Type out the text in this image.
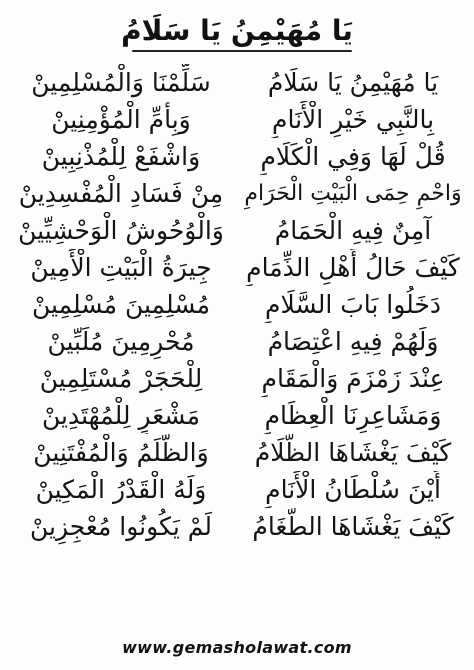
يَا مُهَيْمِنُ يَا سَلَامُ
يَا مُهَيْمِنُ يَا سَلَامُ
سَلِّمْنَا وَالْمُسْلِمِينْ
بِالنَّبِي خَيْرِ الْأَنَامِ
وَبِأُمِّ الْمُؤْمِنِينْ
قُلْ لَهَا وَفِي الْكَلَامِ
وَاشْفَعْ لِلْمُذْنِبِينْ
وَاحْمِ حِمَى الْبَيْتِ الْحَرَامِ
مِنْ فَسَادِ الْمُفْسِدِينْ
آمِنٌ فِيهِ الْحَمَامُ
وَالْوُحُوشُ الْوَحْشِيِّينْ
كَيْفَ حَالُ أَهْلِ الذِّمَامِ
جِيرَةُ الْبَيْتِ الْأَمِينْ
دَخَلُوا بَابَ السَّلَامِ
مُسْلِمِينَ مُسْلِمِينْ
وَلَهُمْ فِيهِ اعْتِصَامُ
مُحْرِمِينَ مُلَبِّينْ
عِنْدَ زَمْزَمَ وَالْمَقَامِ
لِلْحَجَرْ مُسْتَلِمِينْ
وَمَشَاعِرِنَا الْعِظَامِ
مَشْعَرٍ لِلْمُهْتَدِينْ
كَيْفَ يَغْشَاهَا الظَّلَامُ
وَالظُّلَمُ وَالْمُفْتَنِينْ
أَيْنَ سُلْطَانُ الْأَنَامِ
وَلَهُ الْقَدْرُ الْمَكِينْ
كَيْفَ يَغْشَاهَا الطُّغَامُ
لَمْ يَكُونُوا مُعْجِزِينْ
www.gemasholawat.com
